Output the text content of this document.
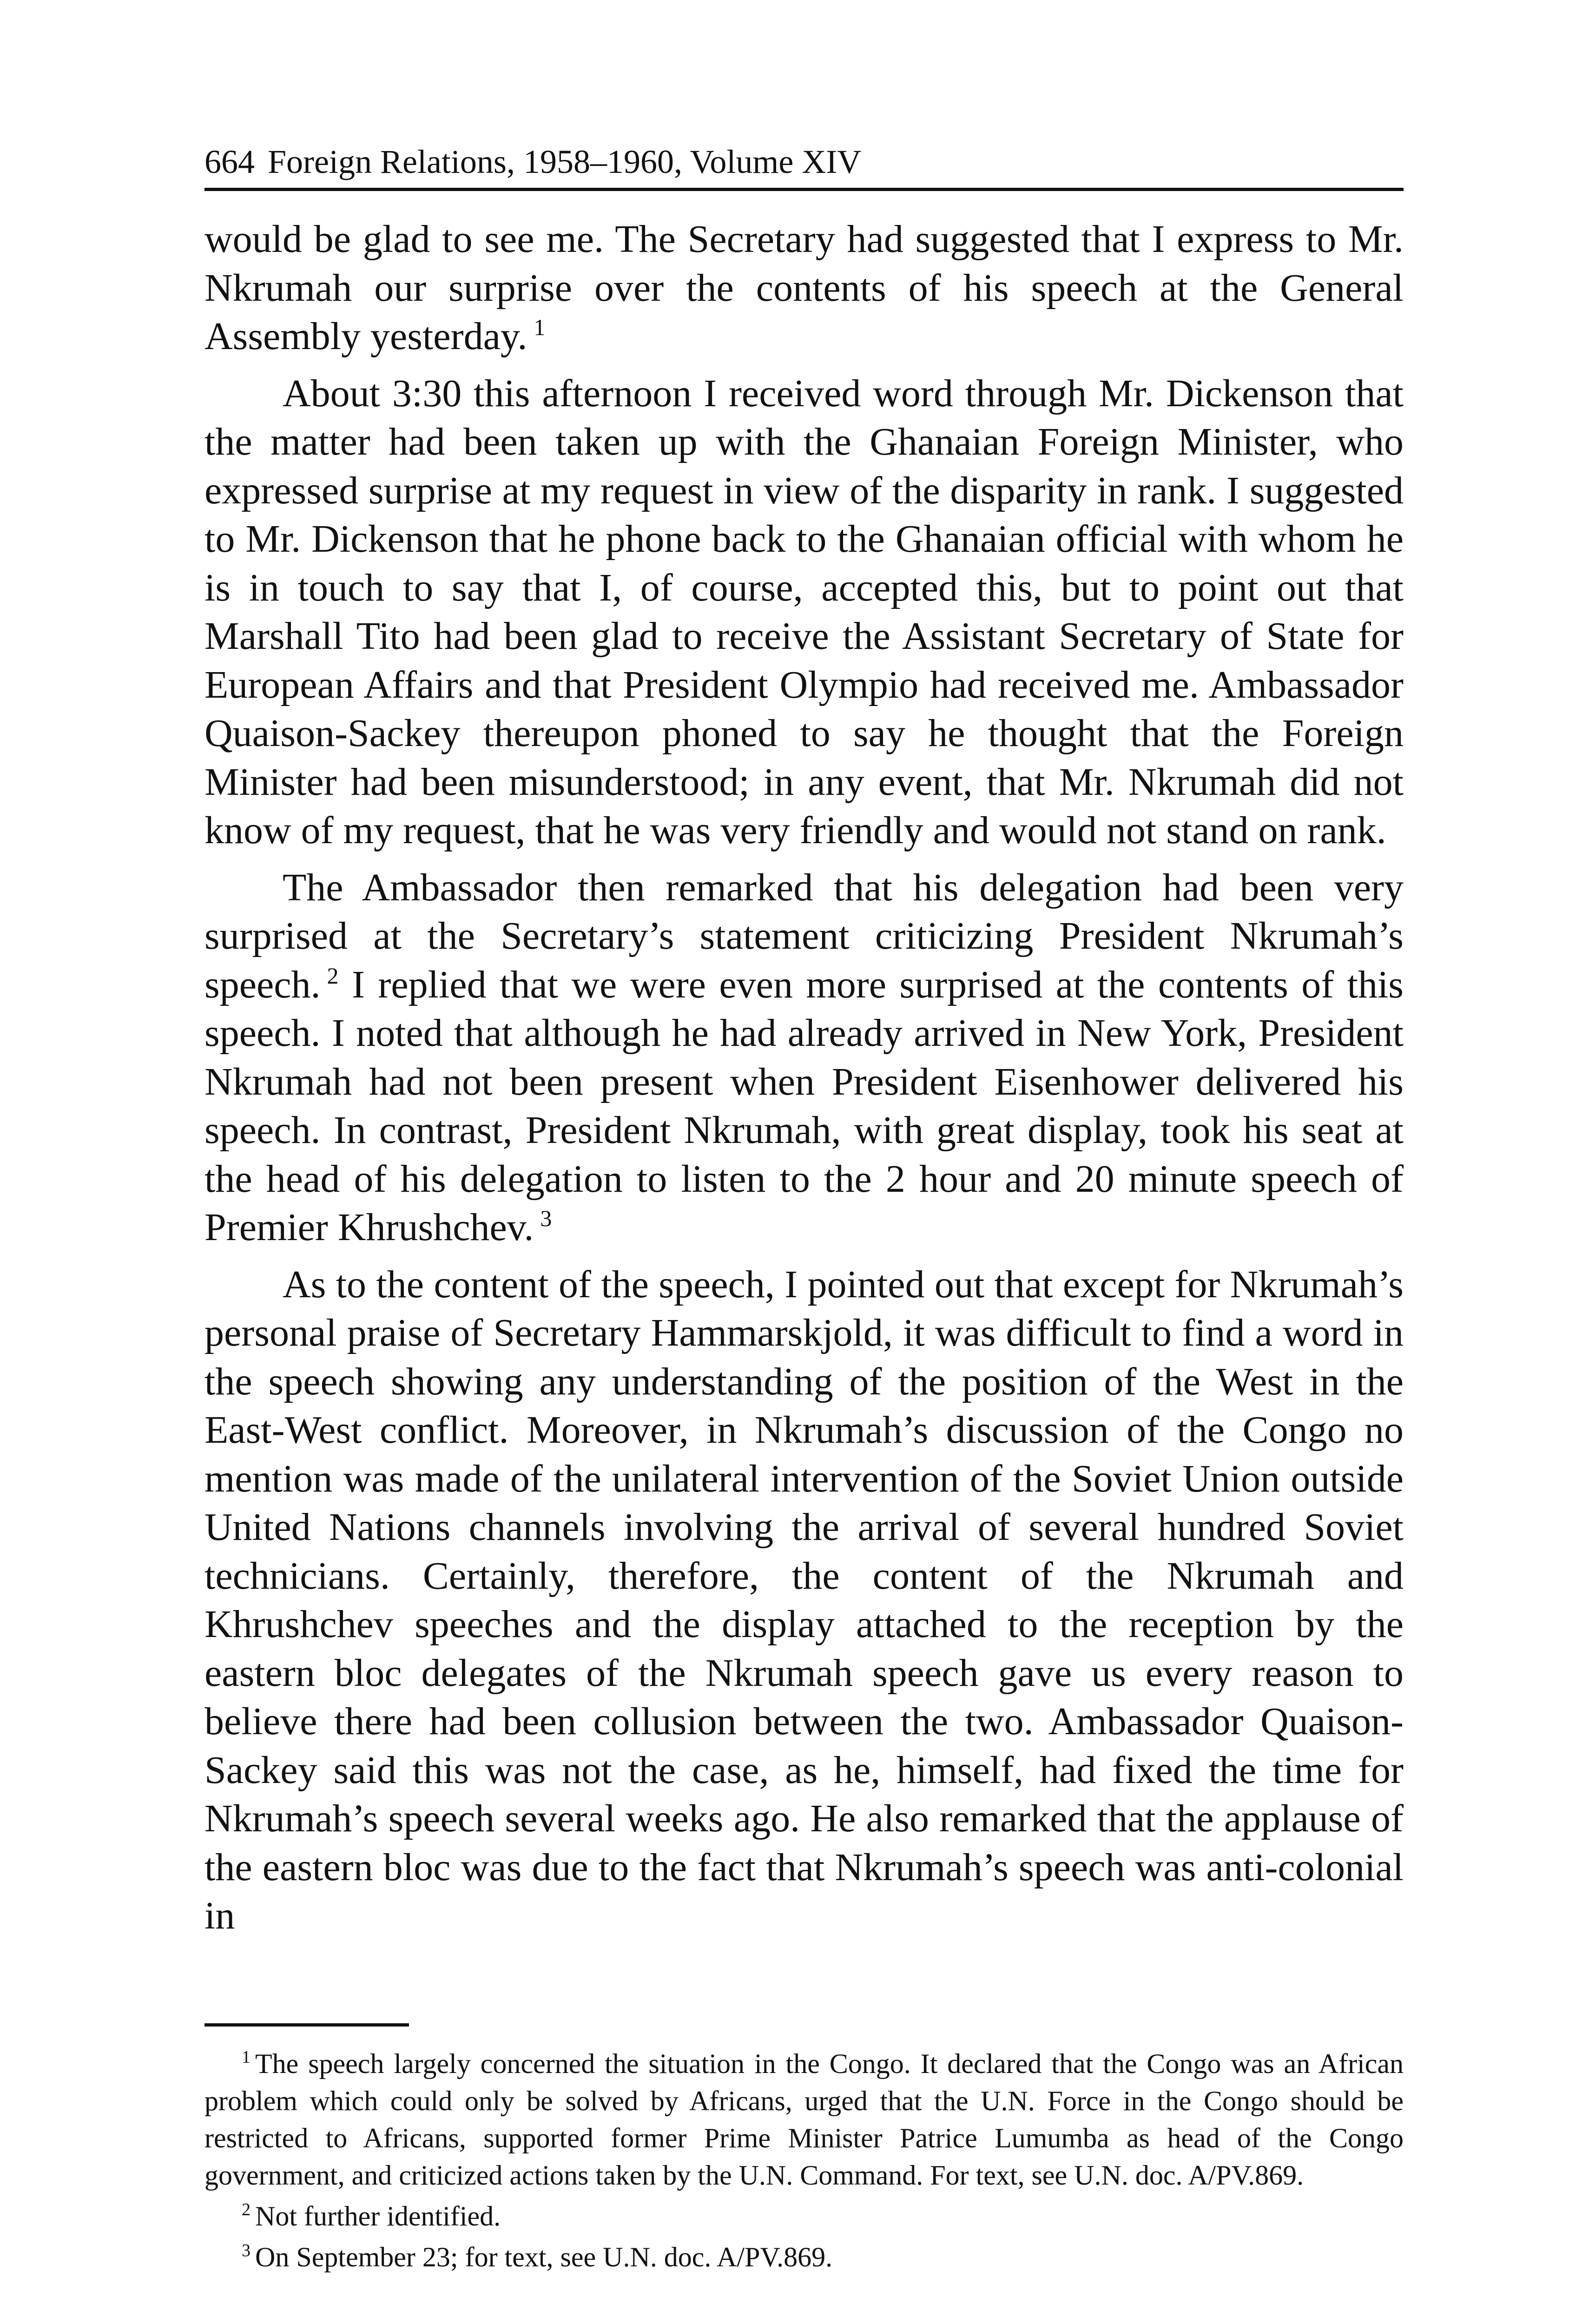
664 Foreign Relations, 1958–1960, Volume XIV

would be glad to see me. The Secretary had suggested that I express to Mr. Nkrumah our surprise over the contents of his speech at the General Assembly yesterday. $^1$

About 3:30 this afternoon I received word through Mr. Dickenson that the matter had been taken up with the Ghanaian Foreign Minister, who expressed surprise at my request in view of the disparity in rank. I suggested to Mr. Dickenson that he phone back to the Ghanaian official with whom he is in touch to say that I, of course, accepted this, but to point out that Marshall Tito had been glad to receive the Assistant Secretary of State for European Affairs and that President Olympio had received me. Ambassador Quaison-Sackey thereupon phoned to say he thought that the Foreign Minister had been misunderstood; in any event, that Mr. Nkrumah did not know of my request, that he was very friendly and would not stand on rank.

The Ambassador then remarked that his delegation had been very surprised at the Secretary’s statement criticizing President Nkrumah’s speech. $^2$ I replied that we were even more surprised at the contents of this speech. I noted that although he had already arrived in New York, President Nkrumah had not been present when President Eisenhower delivered his speech. In contrast, President Nkrumah, with great display, took his seat at the head of his delegation to listen to the 2 hour and 20 minute speech of Premier Khrushchev. $^3$

As to the content of the speech, I pointed out that except for Nkrumah’s personal praise of Secretary Hammarskjold, it was difficult to find a word in the speech showing any understanding of the position of the West in the East-West conflict. Moreover, in Nkrumah’s discussion of the Congo no mention was made of the unilateral intervention of the Soviet Union outside United Nations channels involving the arrival of several hundred Soviet technicians. Certainly, therefore, the content of the Nkrumah and Khrushchev speeches and the display attached to the reception by the eastern bloc delegates of the Nkrumah speech gave us every reason to believe there had been collusion between the two. Ambassador Quaison-Sackey said this was not the case, as he, himself, had fixed the time for Nkrumah’s speech several weeks ago. He also remarked that the applause of the eastern bloc was due to the fact that Nkrumah’s speech was anti-colonial in

$^1$ The speech largely concerned the situation in the Congo. It declared that the Congo was an African problem which could only be solved by Africans, urged that the U.N. Force in the Congo should be restricted to Africans, supported former Prime Minister Patrice Lumumba as head of the Congo government, and criticized actions taken by the U.N. Command. For text, see U.N. doc. A/PV.869.

$^2$ Not further identified.

$^3$ On September 23; for text, see U.N. doc. A/PV.869.
